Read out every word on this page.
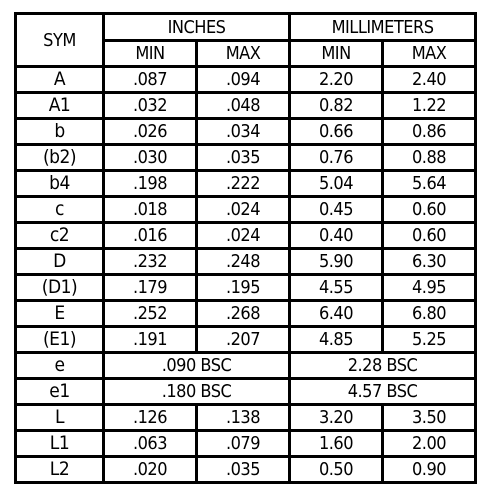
SYM	INCHES		MILLIMETERS	
	MIN	MAX	MIN	MAX
A	.087	.094	2.20	2.40
A1	.032	.048	0.82	1.22
b	.026	.034	0.66	0.86
(b2)	.030	.035	0.76	0.88
b4	.198	.222	5.04	5.64
c	.018	.024	0.45	0.60
c2	.016	.024	0.40	0.60
D	.232	.248	5.90	6.30
(D1)	.179	.195	4.55	4.95
E	.252	.268	6.40	6.80
(E1)	.191	.207	4.85	5.25
e	.090 BSC		2.28 BSC	
e1	.180 BSC		4.57 BSC	
L	.126	.138	3.20	3.50
L1	.063	.079	1.60	2.00
L2	.020	.035	0.50	0.90
